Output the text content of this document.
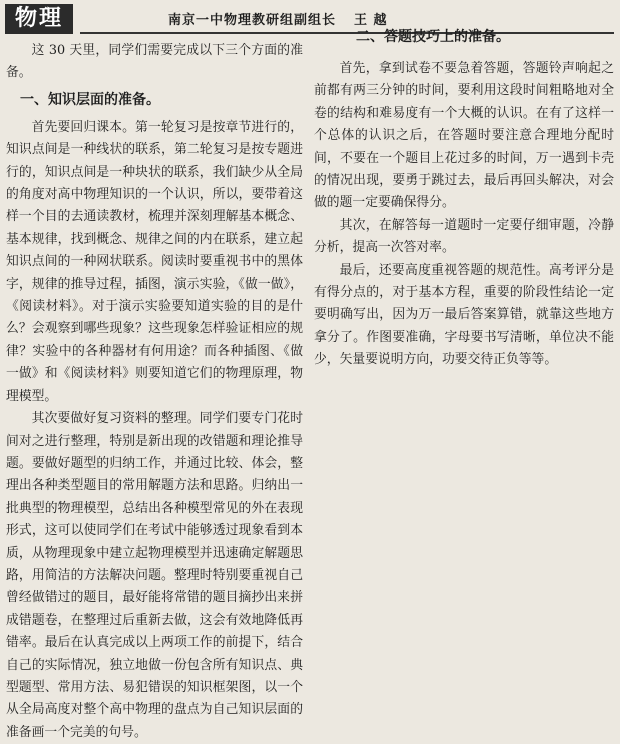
物理	南京一中物理教研组副组长 王 越

这 30 天里，同学们需要完成以下三个方面的准备。

一、知识层面的准备。

首先要回归课本。第一轮复习是按章节进行的，知识点间是一种线状的联系，第二轮复习是按专题进行的，知识点间是一种块状的联系，我们缺少从全局的角度对高中物理知识的一个认识，所以，要带着这样一个目的去通读教材，梳理并深刻理解基本概念、基本规律，找到概念、规律之间的内在联系，建立起知识点间的一种网状联系。阅读时要重视书中的黑体字，规律的推导过程，插图，演示实验，《做一做》，《阅读材料》。对于演示实验要知道实验的目的是什么？会观察到哪些现象？这些现象怎样验证相应的规律？实验中的各种器材有何用途？而各种插图、《做一做》和《阅读材料》则要知道它们的物理原理，物理模型。

其次要做好复习资料的整理。同学们要专门花时间对之进行整理，特别是新出现的改错题和理论推导题。要做好题型的归纳工作，并通过比较、体会，整理出各种类型题目的常用解题方法和思路。归纳出一批典型的物理模型，总结出各种模型常见的外在表现形式，这可以使同学们在考试中能够透过现象看到本质，从物理现象中建立起物理模型并迅速确定解题思路，用简洁的方法解决问题。整理时特别要重视自己曾经做错过的题目，最好能将常错的题目摘抄出来拼成错题卷，在整理过后重新去做，这会有效地降低再错率。最后在认真完成以上两项工作的前提下，结合自己的实际情况，独立地做一份包含所有知识点、典型题型、常用方法、易犯错误的知识框架图，以一个从全局高度对整个高中物理的盘点为自己知识层面的准备画一个完美的句号。

二、答题技巧上的准备。

首先，拿到试卷不要急着答题，答题铃声响起之前都有两三分钟的时间，要利用这段时间粗略地对全卷的结构和难易度有一个大概的认识。在有了这样一个总体的认识之后，在答题时要注意合理地分配时间，不要在一个题目上花过多的时间，万一遇到卡壳的情况出现，要勇于跳过去，最后再回头解决，对会做的题一定要确保得分。

其次，在解答每一道题时一定要仔细审题，冷静分析，提高一次答对率。

最后，还要高度重视答题的规范性。高考评分是有得分点的，对于基本方程，重要的阶段性结论一定要明确写出，因为万一最后答案算错，就靠这些地方拿分了。作图要准确，字母要书写清晰，单位决不能少，矢量要说明方向，功要交待正负等等。
